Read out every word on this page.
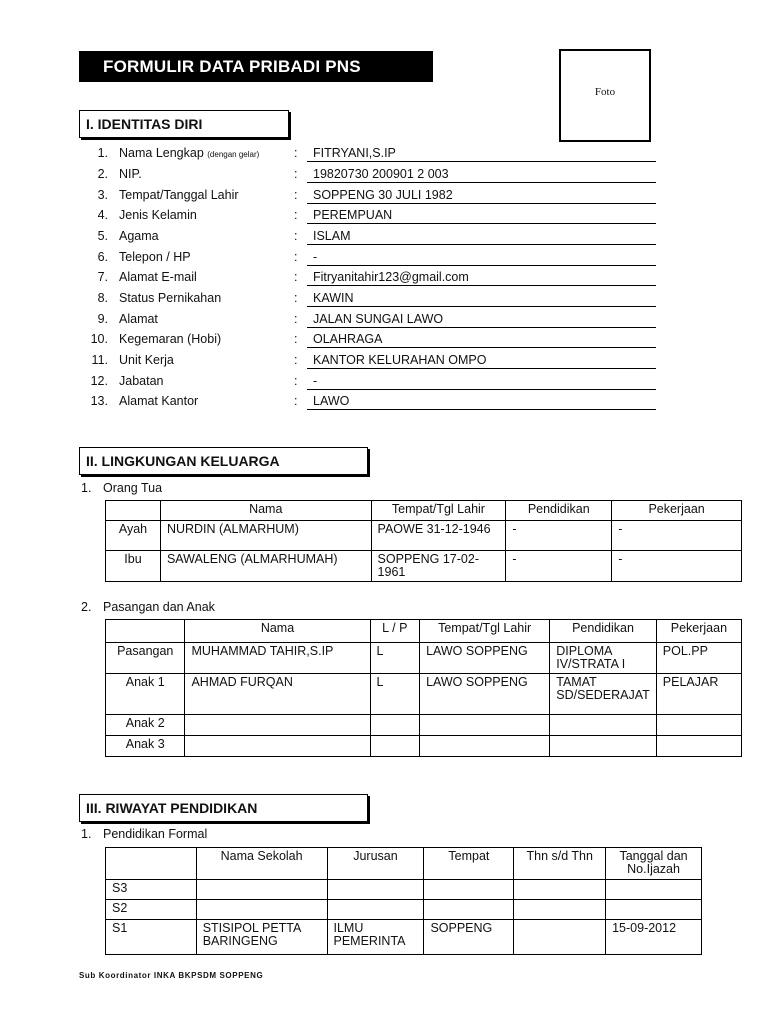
FORMULIR DATA PRIBADI PNS
Foto
I. IDENTITAS DIRI
1. Nama Lengkap (dengan gelar)	:	FITRYANI,S.IP
2. NIP.	:	19820730 200901 2 003
3. Tempat/Tanggal Lahir	:	SOPPENG 30 JULI 1982
4. Jenis Kelamin	:	PEREMPUAN
5. Agama	:	ISLAM
6. Telepon / HP	:	-
7. Alamat E-mail	:	Fitryanitahir123@gmail.com
8. Status Pernikahan	:	KAWIN
9. Alamat	:	JALAN SUNGAI LAWO
10. Kegemaran (Hobi)	:	OLAHRAGA
11. Unit Kerja	:	KANTOR KELURAHAN OMPO
12. Jabatan	:	-
13. Alamat Kantor	:	LAWO
II. LINGKUNGAN KELUARGA
1. Orang Tua
	Nama	Tempat/Tgl Lahir	Pendidikan	Pekerjaan
Ayah	NURDIN (ALMARHUM)	PAOWE 31-12-1946	-	-
Ibu	SAWALENG (ALMARHUMAH)	SOPPENG 17-02-1961	-	-
2. Pasangan dan Anak
	Nama	L / P	Tempat/Tgl Lahir	Pendidikan	Pekerjaan
Pasangan	MUHAMMAD TAHIR,S.IP	L	LAWO SOPPENG	DIPLOMA IV/STRATA I	POL.PP
Anak 1	AHMAD FURQAN	L	LAWO SOPPENG	TAMAT SD/SEDERAJAT	PELAJAR
Anak 2					
Anak 3					
III. RIWAYAT PENDIDIKAN
1. Pendidikan Formal
	Nama Sekolah	Jurusan	Tempat	Thn s/d Thn	Tanggal dan No.Ijazah
S3					
S2					
S1	STISIPOL PETTA BARINGENG	ILMU PEMERINTA	SOPPENG		15-09-2012
Sub Koordinator INKA BKPSDM SOPPENG
